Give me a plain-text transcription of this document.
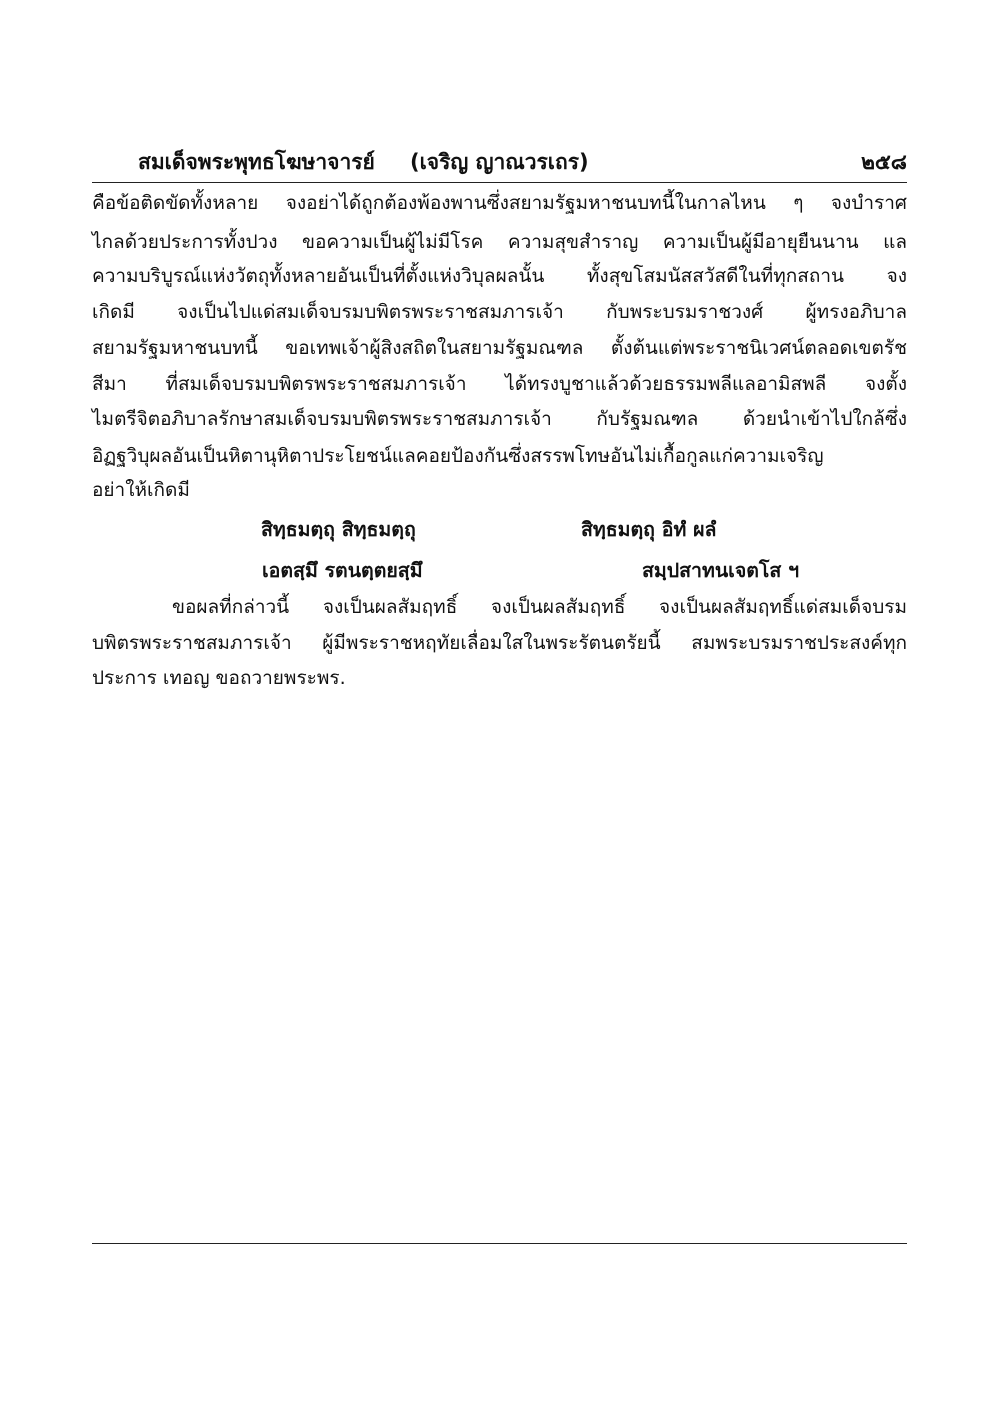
สมเด็จพระพุทธโฆษาจารย์ (เจริญ ญาณวรเถร)	๒๕๘
คือข้อติดขัดทั้งหลาย จงอย่าได้ถูกต้องพ้องพานซึ่งสยามรัฐมหาชนบทนี้ในกาลไหน ๆ จงบำราศ
ไกลด้วยประการทั้งปวง ขอความเป็นผู้ไม่มีโรค ความสุขสำราญ ความเป็นผู้มีอายุยืนนาน แล
ความบริบูรณ์แห่งวัตถุทั้งหลายอันเป็นที่ตั้งแห่งวิบุลผลนั้น ทั้งสุขโสมนัสสวัสดีในที่ทุกสถาน จง
เกิดมี จงเป็นไปแด่สมเด็จบรมบพิตรพระราชสมภารเจ้า กับพระบรมราชวงศ์ ผู้ทรงอภิบาล
สยามรัฐมหาชนบทนี้ ขอเทพเจ้าผู้สิงสถิตในสยามรัฐมณฑล ตั้งต้นแต่พระราชนิเวศน์ตลอดเขตรัช
สีมา ที่สมเด็จบรมบพิตรพระราชสมภารเจ้า ได้ทรงบูชาแล้วด้วยธรรมพลีแลอามิสพลี จงตั้ง
ไมตรีจิตอภิบาลรักษาสมเด็จบรมบพิตรพระราชสมภารเจ้า กับรัฐมณฑล ด้วยนำเข้าไปใกล้ซึ่ง
อิฏฐวิบุผลอันเป็นหิตานุหิตาประโยชน์แลคอยป้องกันซึ่งสรรพโทษอันไม่เกื้อกูลแก่ความเจริญ
อย่าให้เกิดมี
สิทฺธมตฺถุ สิทฺธมตฺถุ	สิทฺธมตฺถุ อิทํ ผลํ
เอตสฺมึ รตนตฺตยสฺมึ	สมฺปสาทนเจตโส ฯ
ขอผลที่กล่าวนี้ จงเป็นผลสัมฤทธิ์ จงเป็นผลสัมฤทธิ์ จงเป็นผลสัมฤทธิ์แด่สมเด็จบรม
บพิตรพระราชสมภารเจ้า ผู้มีพระราชหฤทัยเลื่อมใสในพระรัตนตรัยนี้ สมพระบรมราชประสงค์ทุก
ประการ เทอญ ขอถวายพระพร.
